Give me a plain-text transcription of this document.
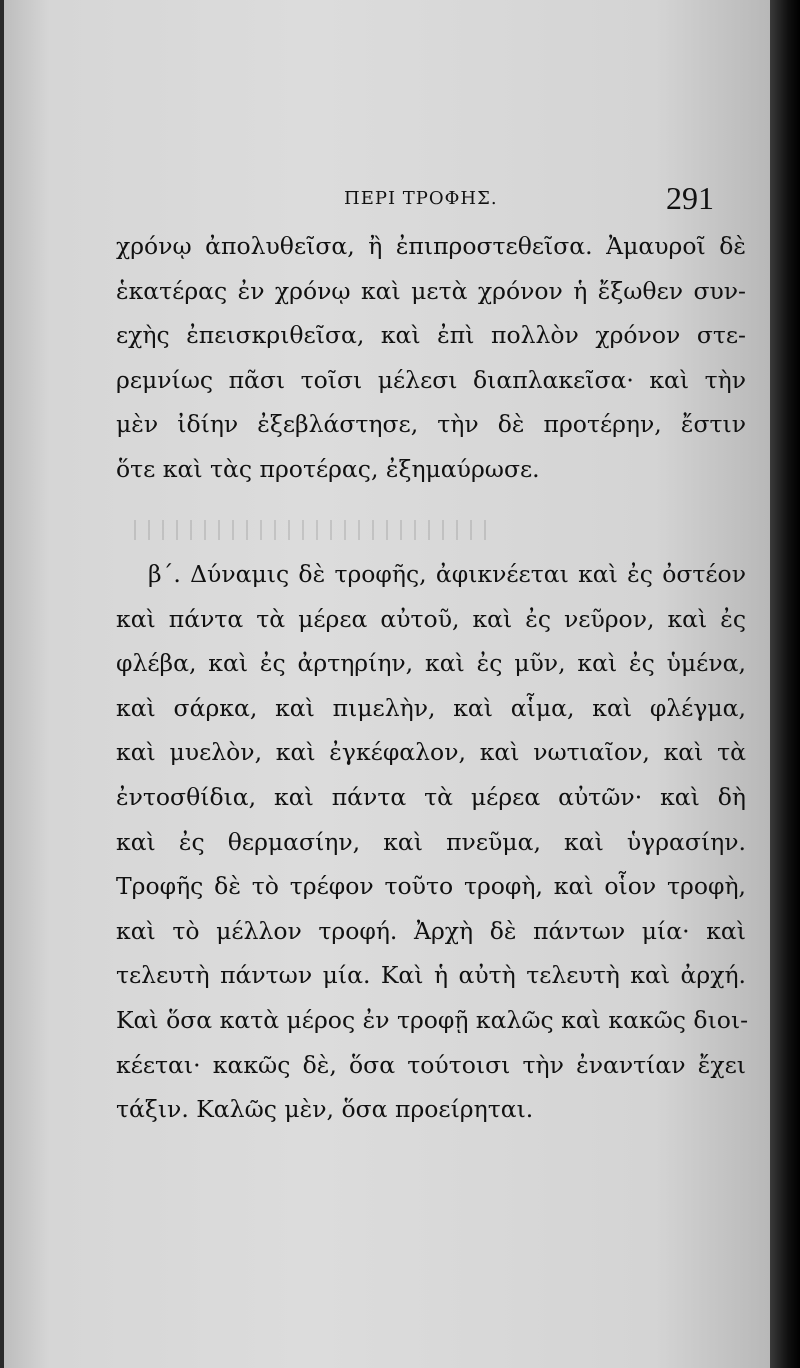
ΠΕΡΙ ΤΡΟΦΗΣ.	291
χρόνῳ ἀπολυθεῖσα, ἢ ἐπιπροστεθεῖσα. Ἀμαυροῖ δὲ
ἑκατέρας ἐν χρόνῳ καὶ μετὰ χρόνον ἡ ἔξωθεν συν-
εχὴς ἐπεισκριθεῖσα, καὶ ἐπὶ πολλὸν χρόνον στε-
ρεμνίως πᾶσι τοῖσι μέλεσι διαπλακεῖσα· καὶ τὴν
μὲν ἰδίην ἐξεβλάστησε, τὴν δὲ προτέρην, ἔστιν
ὅτε καὶ τὰς προτέρας, ἐξημαύρωσε.
β΄. Δύναμις δὲ τροφῆς, ἀφικνέεται καὶ ἐς ὀστέον
καὶ πάντα τὰ μέρεα αὐτοῦ, καὶ ἐς νεῦρον, καὶ ἐς
φλέβα, καὶ ἐς ἀρτηρίην, καὶ ἐς μῦν, καὶ ἐς ὑμένα,
καὶ σάρκα, καὶ πιμελὴν, καὶ αἷμα, καὶ φλέγμα,
καὶ μυελὸν, καὶ ἐγκέφαλον, καὶ νωτιαῖον, καὶ τὰ
ἐντοσθίδια, καὶ πάντα τὰ μέρεα αὐτῶν· καὶ δὴ
καὶ ἐς θερμασίην, καὶ πνεῦμα, καὶ ὑγρασίην.
Τροφῆς δὲ τὸ τρέφον τοῦτο τροφὴ, καὶ οἷον τροφὴ,
καὶ τὸ μέλλον τροφή. Ἀρχὴ δὲ πάντων μία· καὶ
τελευτὴ πάντων μία. Καὶ ἡ αὐτὴ τελευτὴ καὶ ἀρχή.
Καὶ ὅσα κατὰ μέρος ἐν τροφῇ καλῶς καὶ κακῶς διοι-
κέεται· κακῶς δὲ, ὅσα τούτοισι τὴν ἐναντίαν ἔχει
τάξιν. Καλῶς μὲν, ὅσα προείρηται.
